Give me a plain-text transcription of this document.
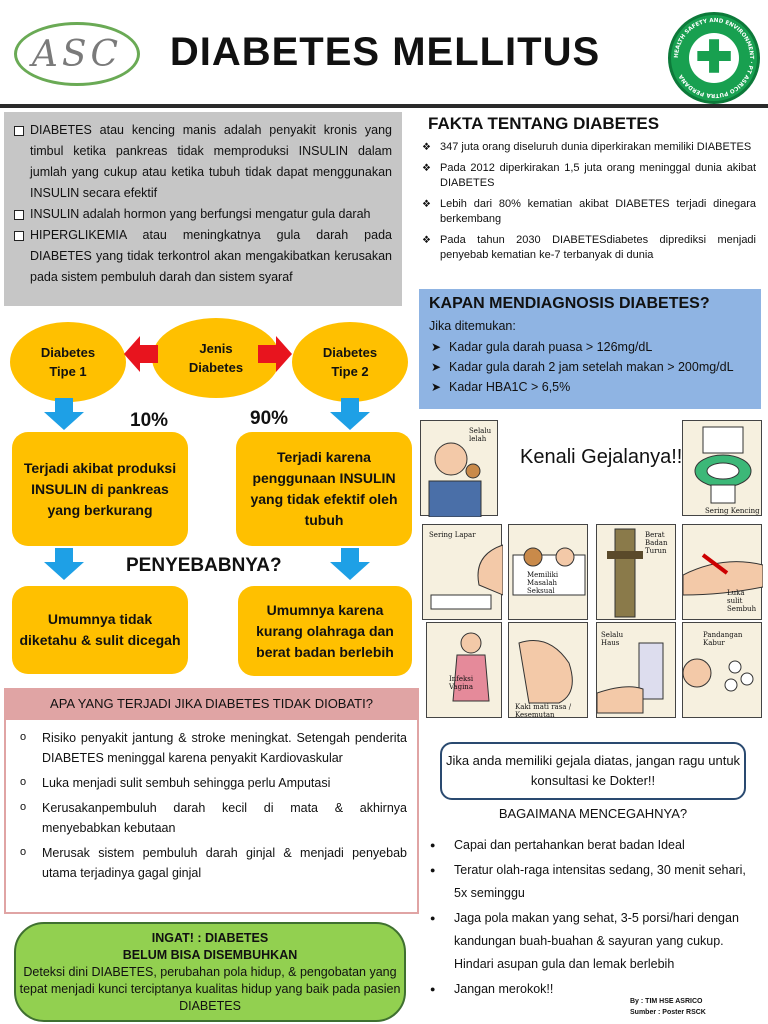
ASC	DIABETES MELLITUS	HEALTH SAFETY AND ENVIRONMENT · PT ASRICO PUTRA PERDANA ✚
DIABETES atau kencing manis adalah penyakit kronis yang timbul ketika pankreas tidak memproduksi INSULIN dalam jumlah yang cukup atau ketika tubuh tidak dapat menggunakan INSULIN secara efektif
INSULIN adalah hormon yang berfungsi mengatur gula darah
HIPERGLIKEMIA atau meningkatnya gula darah pada DIABETES yang tidak terkontrol akan mengakibatkan kerusakan pada sistem pembuluh darah dan sistem syaraf
FAKTA TENTANG DIABETES
❖ 347 juta orang diseluruh dunia diperkirakan memiliki DIABETES
❖ Pada 2012 diperkirakan 1,5 juta orang meninggal dunia akibat DIABETES
❖ Lebih dari 80% kematian akibat DIABETES terjadi dinegara berkembang
❖ Pada tahun 2030 DIABETESdiabetes diprediksi menjadi penyebab kematian ke-7 terbanyak di dunia
KAPAN MENDIAGNOSIS DIABETES?

Jika ditemukan:

➤ Kadar gula darah puasa > 126mg/dL
➤ Kadar gula darah 2 jam setelah makan > 200mg/dL
➤ Kadar HBA1C > 6,5%
Diabetes Tipe 1
Jenis Diabetes
Diabetes Tipe 2
10%	90%
Terjadi akibat produksi INSULIN di pankreas yang berkurang
Terjadi karena penggunaan INSULIN yang tidak efektif oleh tubuh
PENYEBABNYA?
Umumnya tidak diketahu & sulit dicegah
Umumnya karena kurang olahraga dan berat badan berlebih
Selalu lelah
Kenali Gejalanya!!
Sering Kencing
Sering Lapar
Memiliki Masalah Seksual
Berat Badan Turun
Luka sulit Sembuh
Infeksi Vagina
Kaki mati rasa / Kesemutan
Selalu Haus
Pandangan Kabur
APA YANG TERJADI JIKA DIABETES TIDAK DIOBATI?
o Risiko penyakit jantung & stroke meningkat. Setengah penderita DIABETES meninggal karena penyakit Kardiovaskular
o Luka menjadi sulit sembuh sehingga perlu Amputasi
o Kerusakanpembuluh darah kecil di mata & akhirnya menyebabkan kebutaan
o Merusak sistem pembuluh darah ginjal & menjadi penyebab utama terjadinya gagal ginjal
INGAT! : DIABETES
BELUM BISA DISEMBUHKAN
Deteksi dini DIABETES, perubahan pola hidup, & pengobatan yang tepat menjadi kunci terciptanya kualitas hidup yang baik pada pasien DIABETES
Jika anda memiliki gejala diatas, jangan ragu untuk konsultasi ke Dokter!!
BAGAIMANA MENCEGAHNYA?
● Capai dan pertahankan berat badan Ideal
● Teratur olah-raga intensitas sedang, 30 menit sehari, 5x seminggu
● Jaga pola makan yang sehat, 3-5 porsi/hari dengan kandungan buah-buahan & sayuran yang cukup. Hindari asupan gula dan lemak berlebih
● Jangan merokok!!
By : TIM HSE ASRICO
Sumber : Poster RSCK
